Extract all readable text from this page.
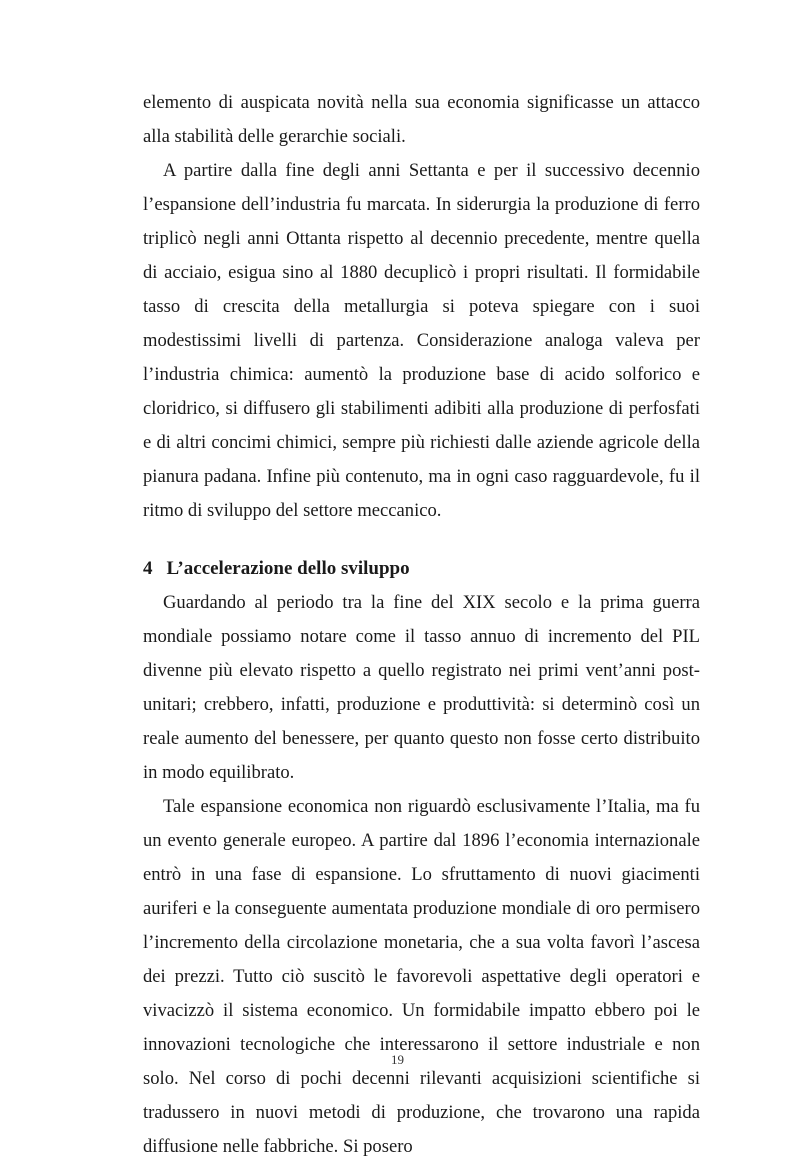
elemento di auspicata novità nella sua economia significasse un attacco alla stabilità delle gerarchie sociali.

A partire dalla fine degli anni Settanta e per il successivo decennio l’espansione dell’industria fu marcata. In siderurgia la produzione di ferro triplicò negli anni Ottanta rispetto al decennio precedente, mentre quella di acciaio, esigua sino al 1880 decuplicò i propri risultati. Il formidabile tasso di crescita della metallurgia si poteva spiegare con i suoi modestissimi livelli di partenza. Considerazione analoga valeva per l’industria chimica: aumentò la produzione base di acido solforico e cloridrico, si diffusero gli stabilimenti adibiti alla produzione di perfosfati e di altri concimi chimici, sempre più richiesti dalle aziende agricole della pianura padana. Infine più contenuto, ma in ogni caso ragguardevole, fu il ritmo di sviluppo del settore meccanico.

4 L’accelerazione dello sviluppo

Guardando al periodo tra la fine del XIX secolo e la prima guerra mondiale possiamo notare come il tasso annuo di incremento del PIL divenne più elevato rispetto a quello registrato nei primi vent’anni post-unitari; crebbero, infatti, produzione e produttività: si determinò così un reale aumento del benessere, per quanto questo non fosse certo distribuito in modo equilibrato.

Tale espansione economica non riguardò esclusivamente l’Italia, ma fu un evento generale europeo. A partire dal 1896 l’economia internazionale entrò in una fase di espansione. Lo sfruttamento di nuovi giacimenti auriferi e la conseguente aumentata produzione mondiale di oro permisero l’incremento della circolazione monetaria, che a sua volta favorì l’ascesa dei prezzi. Tutto ciò suscitò le favorevoli aspettative degli operatori e vivacizzò il sistema economico. Un formidabile impatto ebbero poi le innovazioni tecnologiche che interessarono il settore industriale e non solo. Nel corso di pochi decenni rilevanti acquisizioni scientifiche si tradussero in nuovi metodi di produzione, che trovarono una rapida diffusione nelle fabbriche. Si posero

19
